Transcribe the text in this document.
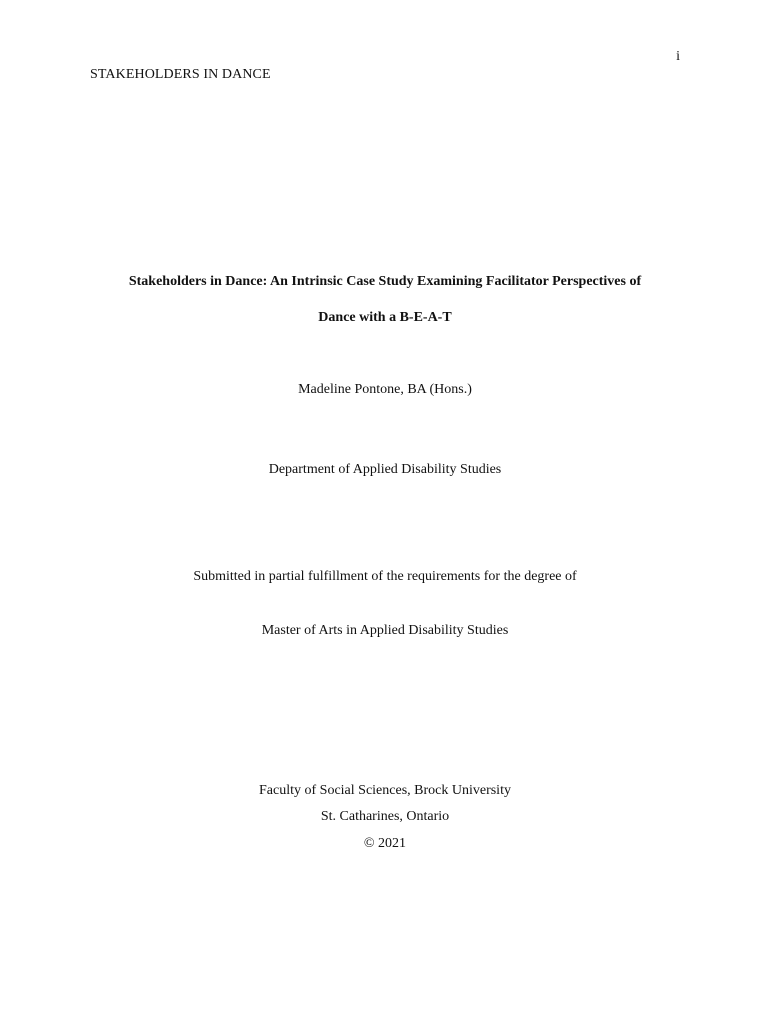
i
STAKEHOLDERS IN DANCE
Stakeholders in Dance: An Intrinsic Case Study Examining Facilitator Perspectives of
Dance with a B-E-A-T
Madeline Pontone, BA (Hons.)
Department of Applied Disability Studies
Submitted in partial fulfillment of the requirements for the degree of
Master of Arts in Applied Disability Studies
Faculty of Social Sciences, Brock University
St. Catharines, Ontario
© 2021
